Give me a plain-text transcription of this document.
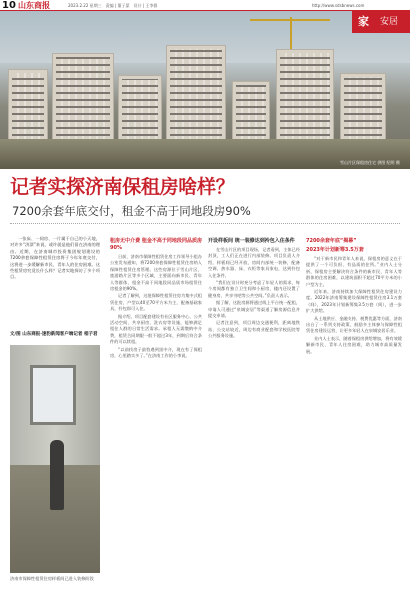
10 山东商报	2023.2.22 星期三　责编 | 董子蒙　设计 | 王李群	http://www.sdsbnews.com
家 安居
雪山片区保租房住宅 供图 纪明 摄
记者实探济南保租房啥样？
7200余套年底交付，租金不高于同地段房90%
一张床、一间房、一片属于自己的小天地，对许多“济漂”来说，或许就是他们留在济南的理由。近期，在济南城市投资集团规划建设的7200余套保障性租赁住房将于今年年底交付，这将进一步缓解新市民、青年人的住房困难。这些租赁房究竟长什么样？记者实地探访了多个项目。
文/图 山东商报·速豹新闻客户端记者 相子君
济南市保障性租赁住房样板间已进入装修阶段
租房无中介费 租金不高于同地段同品质房90%
日前，济南市保障性租赁住房工作领导小组办公室发布通知，将7200余套保障性租赁住房纳入保障性租赁住房管理。这些房源位于雪山片区、旅游路片区等多个区域，主要面向新市民、青年人等群体，租金不高于同地段同品质市场租赁住房租金的90%。
记者了解到，这批保障性租赁住房为集中式租赁住房，户型以40至70平方米为主，配备基础家具，拎包即可入住。
据介绍，项目配套建设有社区服务中心、公共活动空间、共享厨房、洗衣房等设施，能够满足租住人群的日常生活需求。承租人无需缴纳中介费，租赁合同期限一般不超过3年，到期后符合条件的可以续租。
“以前找房子最怕遇到黑中介，现在有了保租房，心里踏实多了。”在济南工作的小李说。
开设样板间 统一装修达到拎包入住条件
在雪山片区的项目现场，记者看到，主体已经封顶，工人们正在进行内部装修。项目负责人介绍，样板间已经开放，房间内部统一装修，配备空调、热水器、床、衣柜等家具家电，达到拎包入住条件。
“我们在设计时充分考虑了年轻人的需求，每个房间都有独立卫生间和小厨房，楼内还设置了健身房、共享书吧等公共空间。”负责人表示。
据了解，这批房源将通过线上平台统一配租，申请人可通过“泉城安居”等渠道了解房源信息并提交申请。
记者注意到，项目周边交通便利，距离地铁站、公交站较近，周边有商业配套和学校医院等公共服务设施。
7200余套年底“揭幕”
2023年计划新筹3.5万套
“对于新市民和青年人来说，保租房的意义在于提供了一个可负担、有品质的住所。”业内人士分析，保租房主要解决符合条件的新市民、青年人等群体的住房困难，以建筑面积不超过70平方米的小户型为主。
近年来，济南持续加大保障性租赁住房建设力度。2022年济南筹集建设保障性租赁住房3.1万套（间），2023年计划新筹集3.5万套（间），进一步扩大供给。
从土地供应、金融支持、税费优惠等方面，济南出台了一系列支持政策，鼓励多主体参与保障性租赁住房建设运营，让更多年轻人在泉城安居乐业。
业内人士表示，随着保租房供给增加，将有效缓解新市民、青年人住房困难，助力城市高质量发展。
